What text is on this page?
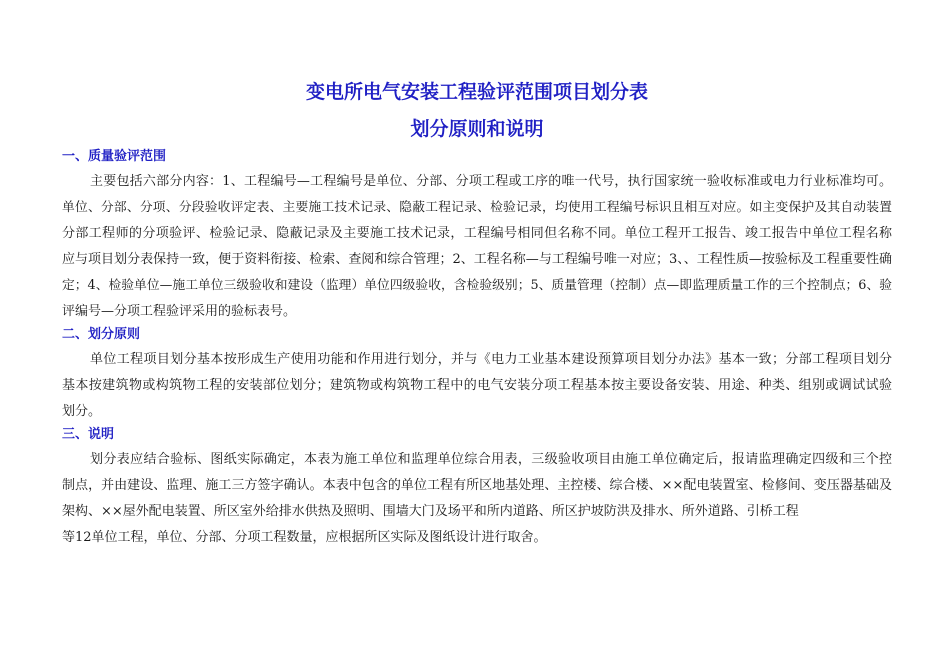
变电所电气安装工程验评范围项目划分表
划分原则和说明
一、质量验评范围
主要包括六部分内容：1、工程编号—工程编号是单位、分部、分项工程或工序的唯一代号，执行国家统一验收标准或电力行业标准均可。
单位、分部、分项、分段验收评定表、主要施工技术记录、隐蔽工程记录、检验记录，均使用工程编号标识且相互对应。如主变保护及其自动装置
分部工程师的分项验评、检验记录、隐蔽记录及主要施工技术记录，工程编号相同但名称不同。单位工程开工报告、竣工报告中单位工程名称
应与项目划分表保持一致，便于资料衔接、检索、查阅和综合管理；2、工程名称—与工程编号唯一对应；3、、工程性质—按验标及工程重要性确
定；4、检验单位—施工单位三级验收和建设（监理）单位四级验收，含检验级别；5、质量管理（控制）点—即监理质量工作的三个控制点；6、验
评编号—分项工程验评采用的验标表号。
二、划分原则
单位工程项目划分基本按形成生产使用功能和作用进行划分，并与《电力工业基本建设预算项目划分办法》基本一致；分部工程项目划分
基本按建筑物或构筑物工程的安装部位划分；建筑物或构筑物工程中的电气安装分项工程基本按主要设备安装、用途、种类、组别或调试试验
划分。
三、说明
划分表应结合验标、图纸实际确定，本表为施工单位和监理单位综合用表，三级验收项目由施工单位确定后，报请监理确定四级和三个控
制点，并由建设、监理、施工三方签字确认。本表中包含的单位工程有所区地基处理、主控楼、综合楼、××配电装置室、检修间、变压器基础及
架构、××屋外配电装置、所区室外给排水供热及照明、围墙大门及场平和所内道路、所区护坡防洪及排水、所外道路、引桥工程
等12单位工程，单位、分部、分项工程数量，应根据所区实际及图纸设计进行取舍。
